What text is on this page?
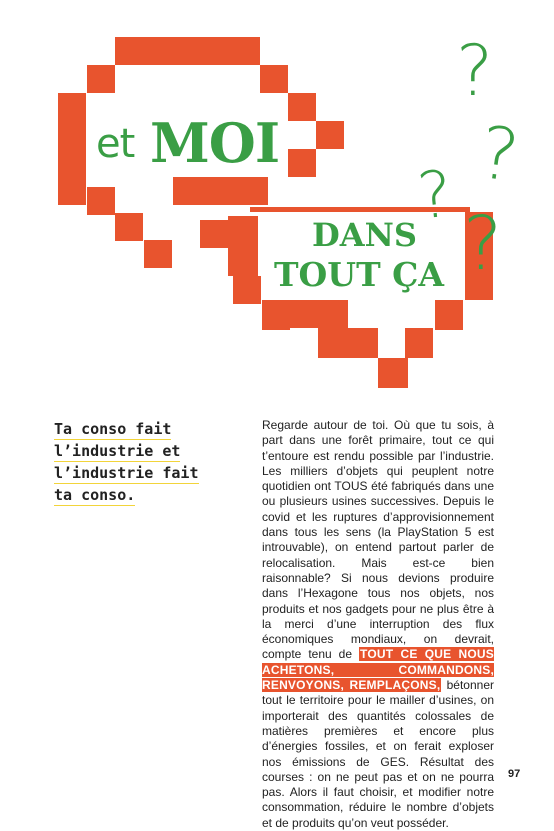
et MOI
DANS
TOUT ÇA
?
?
?
?

Ta conso fait
l’industrie et
l’industrie fait
ta conso.

Regarde autour de toi. Où que tu sois, à part dans une forêt primaire, tout ce qui t’entoure est rendu possible par l’industrie. Les milliers d’objets qui peuplent notre quotidien ont TOUS été fabriqués dans une ou plusieurs usines successives. Depuis le covid et les ruptures d’approvisionnement dans tous les sens (la PlayStation 5 est introuvable), on entend partout parler de relocalisation. Mais est-ce bien raisonnable? Si nous devions produire dans l’Hexagone tous nos objets, nos produits et nos gadgets pour ne plus être à la merci d’une interruption des flux économiques mondiaux, on devrait, compte tenu de TOUT CE QUE NOUS ACHETONS, COMMANDONS, RENVOYONS, REMPLAÇONS, bétonner tout le territoire pour le mailler d’usines, on importerait des quantités colossales de matières premières et encore plus d’énergies fossiles, et on ferait exploser nos émissions de GES. Résultat des courses : on ne peut pas et on ne pourra pas. Alors il faut choisir, et modifier notre consommation, réduire le nombre d’objets et de produits qu’on veut posséder.

97
